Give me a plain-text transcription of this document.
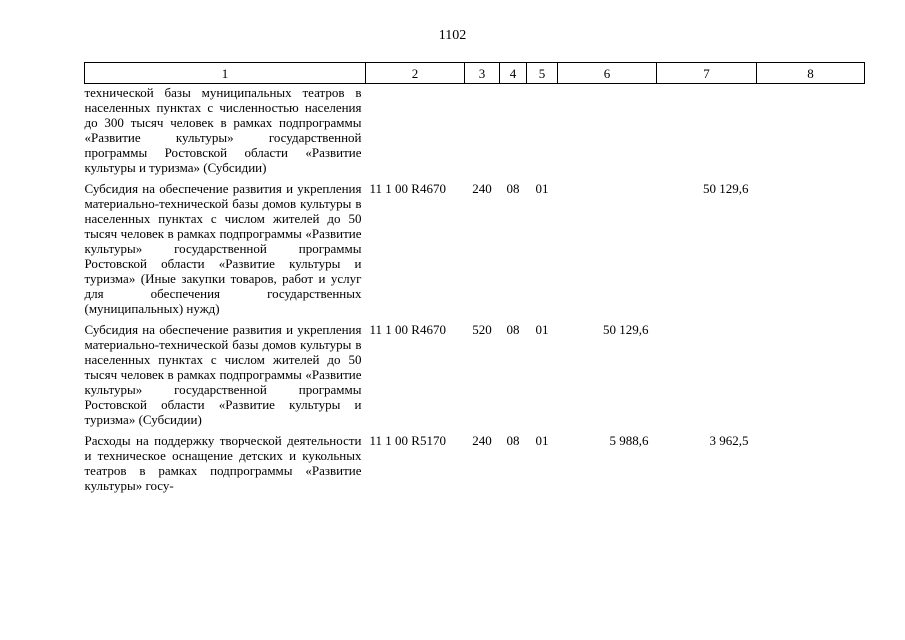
1102
1	2	3	4	5	6	7	8
технической базы муниципальных театров в населенных пунктах с численностью населения до 300 тысяч человек в рамках подпрограммы «Развитие культуры» государственной программы Ростовской области «Развитие культуры и туризма» (Субсидии)							
Субсидия на обеспечение развития и укрепления материально-технической базы домов культуры в населенных пунктах с числом жителей до 50 тысяч человек в рамках подпрограммы «Развитие культуры» государственной программы Ростовской области «Развитие культуры и туризма» (Иные закупки товаров, работ и услуг для обеспечения государственных (муниципальных) нужд)	11 1 00 R4670	240	08	01		50 129,6	
Субсидия на обеспечение развития и укрепления материально-технической базы домов культуры в населенных пунктах с числом жителей до 50 тысяч человек в рамках подпрограммы «Развитие культуры» государственной программы Ростовской области «Развитие культуры и туризма» (Субсидии)	11 1 00 R4670	520	08	01	50 129,6		
Расходы на поддержку творческой деятельности и техническое оснащение детских и кукольных театров в рамках подпрограммы «Развитие культуры» госу-	11 1 00 R5170	240	08	01	5 988,6	3 962,5	
